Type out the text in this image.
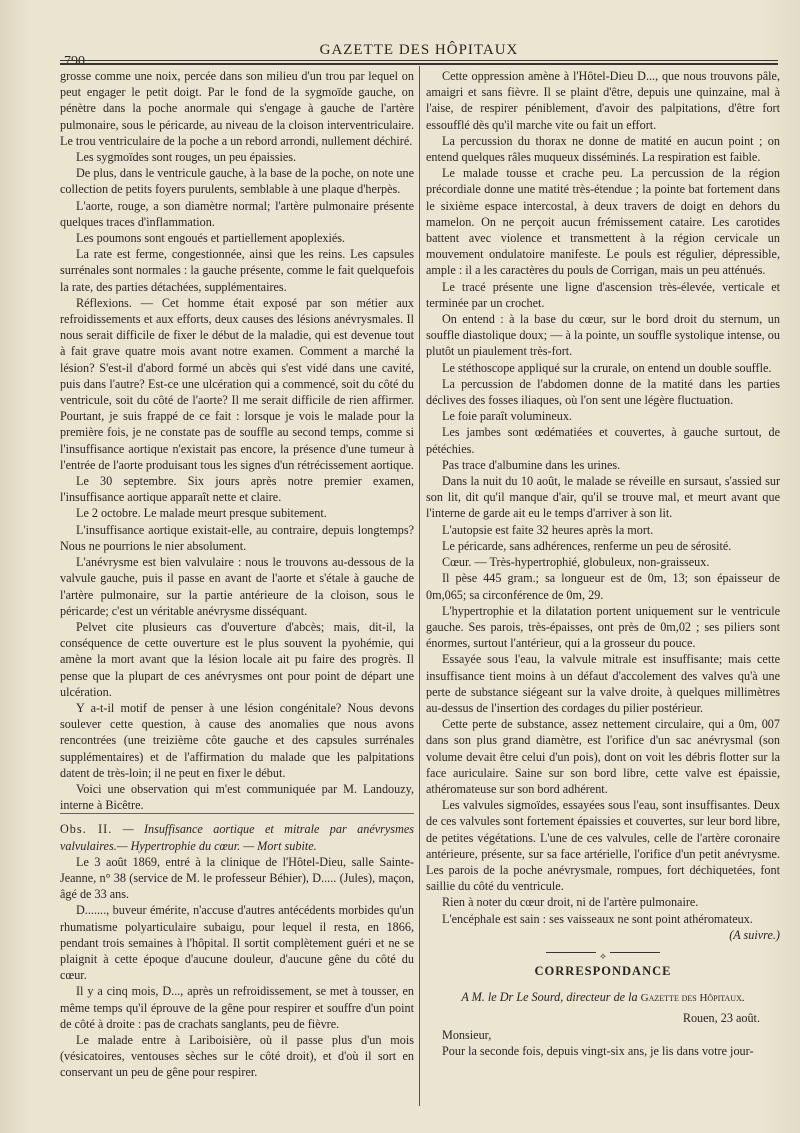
790
GAZETTE DES HÔPITAUX

grosse comme une noix, percée dans son milieu d'un trou par lequel on peut engager le petit doigt. Par le fond de la sygmoïde gauche, on pénètre dans la poche anormale qui s'engage à gauche de l'artère pulmonaire, sous le péricarde, au niveau de la cloison interventriculaire. Le trou ventriculaire de la poche a un rebord arrondi, nullement déchiré.

Les sygmoïdes sont rouges, un peu épaissies.

De plus, dans le ventricule gauche, à la base de la poche, on note une collection de petits foyers purulents, semblable à une plaque d'herpès.

L'aorte, rouge, a son diamètre normal; l'artère pulmonaire présente quelques traces d'inflammation.

Les poumons sont engoués et partiellement apoplexiés.

La rate est ferme, congestionnée, ainsi que les reins. Les capsules surrénales sont normales : la gauche présente, comme le fait quelquefois la rate, des parties détachées, supplémentaires.

Réflexions. — Cet homme était exposé par son métier aux refroidissements et aux efforts, deux causes des lésions anévrysmales. Il nous serait difficile de fixer le début de la maladie, qui est devenue tout à fait grave quatre mois avant notre examen. Comment a marché la lésion? S'est-il d'abord formé un abcès qui s'est vidé dans une cavité, puis dans l'autre? Est-ce une ulcération qui a commencé, soit du côté du ventricule, soit du côté de l'aorte? Il me serait difficile de rien affirmer. Pourtant, je suis frappé de ce fait : lorsque je vois le malade pour la première fois, je ne constate pas de souffle au second temps, comme si l'insuffisance aortique n'existait pas encore, la présence d'une tumeur à l'entrée de l'aorte produisant tous les signes d'un rétrécissement aortique.

Le 30 septembre. Six jours après notre premier examen, l'insuffisance aortique apparaît nette et claire.

Le 2 octobre. Le malade meurt presque subitement.

L'insuffisance aortique existait-elle, au contraire, depuis longtemps? Nous ne pourrions le nier absolument.

L'anévrysme est bien valvulaire : nous le trouvons au-dessous de la valvule gauche, puis il passe en avant de l'aorte et s'étale à gauche de l'artère pulmonaire, sur la partie antérieure de la cloison, sous le péricarde; c'est un véritable anévrysme disséquant.

Pelvet cite plusieurs cas d'ouverture d'abcès; mais, dit-il, la conséquence de cette ouverture est le plus souvent la pyohémie, qui amène la mort avant que la lésion locale ait pu faire des progrès. Il pense que la plupart de ces anévrysmes ont pour point de départ une ulcération.

Y a-t-il motif de penser à une lésion congénitale? Nous devons soulever cette question, à cause des anomalies que nous avons rencontrées (une treizième côte gauche et des capsules surrénales supplémentaires) et de l'affirmation du malade que les palpitations datent de très-loin; il ne peut en fixer le début.

Voici une observation qui m'est communiquée par M. Landouzy, interne à Bicêtre.

Obs. II. — Insuffisance aortique et mitrale par anévrysmes valvulaires.— Hypertrophie du cœur. — Mort subite.

Le 3 août 1869, entré à la clinique de l'Hôtel-Dieu, salle Sainte-Jeanne, n° 38 (service de M. le professeur Béhier), D..... (Jules), maçon, âgé de 33 ans.

D......., buveur émérite, n'accuse d'autres antécédents morbides qu'un rhumatisme polyarticulaire subaigu, pour lequel il resta, en 1866, pendant trois semaines à l'hôpital. Il sortit complètement guéri et ne se plaignit à cette époque d'aucune douleur, d'aucune gêne du côté du cœur.

Il y a cinq mois, D..., après un refroidissement, se met à tousser, en même temps qu'il éprouve de la gêne pour respirer et souffre d'un point de côté à droite : pas de crachats sanglants, peu de fièvre.

Le malade entre à Lariboisière, où il passe plus d'un mois (vésicatoires, ventouses sèches sur le côté droit), et d'où il sort en conservant un peu de gêne pour respirer.

Cette oppression amène à l'Hôtel-Dieu D..., que nous trouvons pâle, amaigri et sans fièvre. Il se plaint d'être, depuis une quinzaine, mal à l'aise, de respirer péniblement, d'avoir des palpitations, d'être fort essoufflé dès qu'il marche vite ou fait un effort.

La percussion du thorax ne donne de matité en aucun point ; on entend quelques râles muqueux disséminés. La respiration est faible.

Le malade tousse et crache peu. La percussion de la région précordiale donne une matité très-étendue ; la pointe bat fortement dans le sixième espace intercostal, à deux travers de doigt en dehors du mamelon. On ne perçoit aucun frémissement cataire. Les carotides battent avec violence et transmettent à la région cervicale un mouvement ondulatoire manifeste. Le pouls est régulier, dépressible, ample : il a les caractères du pouls de Corrigan, mais un peu atténués.

Le tracé présente une ligne d'ascension très-élevée, verticale et terminée par un crochet.

On entend : à la base du cœur, sur le bord droit du sternum, un souffle diastolique doux; — à la pointe, un souffle systolique intense, ou plutôt un piaulement très-fort.

Le stéthoscope appliqué sur la crurale, on entend un double souffle.

La percussion de l'abdomen donne de la matité dans les parties déclives des fosses iliaques, où l'on sent une légère fluctuation.

Le foie paraît volumineux.

Les jambes sont œdématiées et couvertes, à gauche surtout, de pétéchies.

Pas trace d'albumine dans les urines.

Dans la nuit du 10 août, le malade se réveille en sursaut, s'assied sur son lit, dit qu'il manque d'air, qu'il se trouve mal, et meurt avant que l'interne de garde ait eu le temps d'arriver à son lit.

L'autopsie est faite 32 heures après la mort.

Le péricarde, sans adhérences, renferme un peu de sérosité.

Cœur. — Très-hypertrophié, globuleux, non-graisseux.

Il pèse 445 gram.; sa longueur est de 0m, 13; son épaisseur de 0m,065; sa circonférence de 0m, 29.

L'hypertrophie et la dilatation portent uniquement sur le ventricule gauche. Ses parois, très-épaisses, ont près de 0m,02 ; ses piliers sont énormes, surtout l'antérieur, qui a la grosseur du pouce.

Essayée sous l'eau, la valvule mitrale est insuffisante; mais cette insuffisance tient moins à un défaut d'accolement des valves qu'à une perte de substance siégeant sur la valve droite, à quelques millimètres au-dessus de l'insertion des cordages du pilier postérieur.

Cette perte de substance, assez nettement circulaire, qui a 0m, 007 dans son plus grand diamètre, est l'orifice d'un sac anévrysmal (son volume devait être celui d'un pois), dont on voit les débris flotter sur la face auriculaire. Saine sur son bord libre, cette valve est épaissie, athéromateuse sur son bord adhérent.

Les valvules sigmoïdes, essayées sous l'eau, sont insuffisantes. Deux de ces valvules sont fortement épaissies et couvertes, sur leur bord libre, de petites végétations. L'une de ces valvules, celle de l'artère coronaire antérieure, présente, sur sa face artérielle, l'orifice d'un petit anévrysme. Les parois de la poche anévrysmale, rompues, fort déchiquetées, font saillie du côté du ventricule.

Rien à noter du cœur droit, ni de l'artère pulmonaire.

L'encéphale est sain : ses vaisseaux ne sont point athéromateux.

(A suivre.)
⟡
CORRESPONDANCE
A M. le Dr Le Sourd, directeur de la Gazette des Hôpitaux.
Rouen, 23 août.

Monsieur,

Pour la seconde fois, depuis vingt-six ans, je lis dans votre jour-
